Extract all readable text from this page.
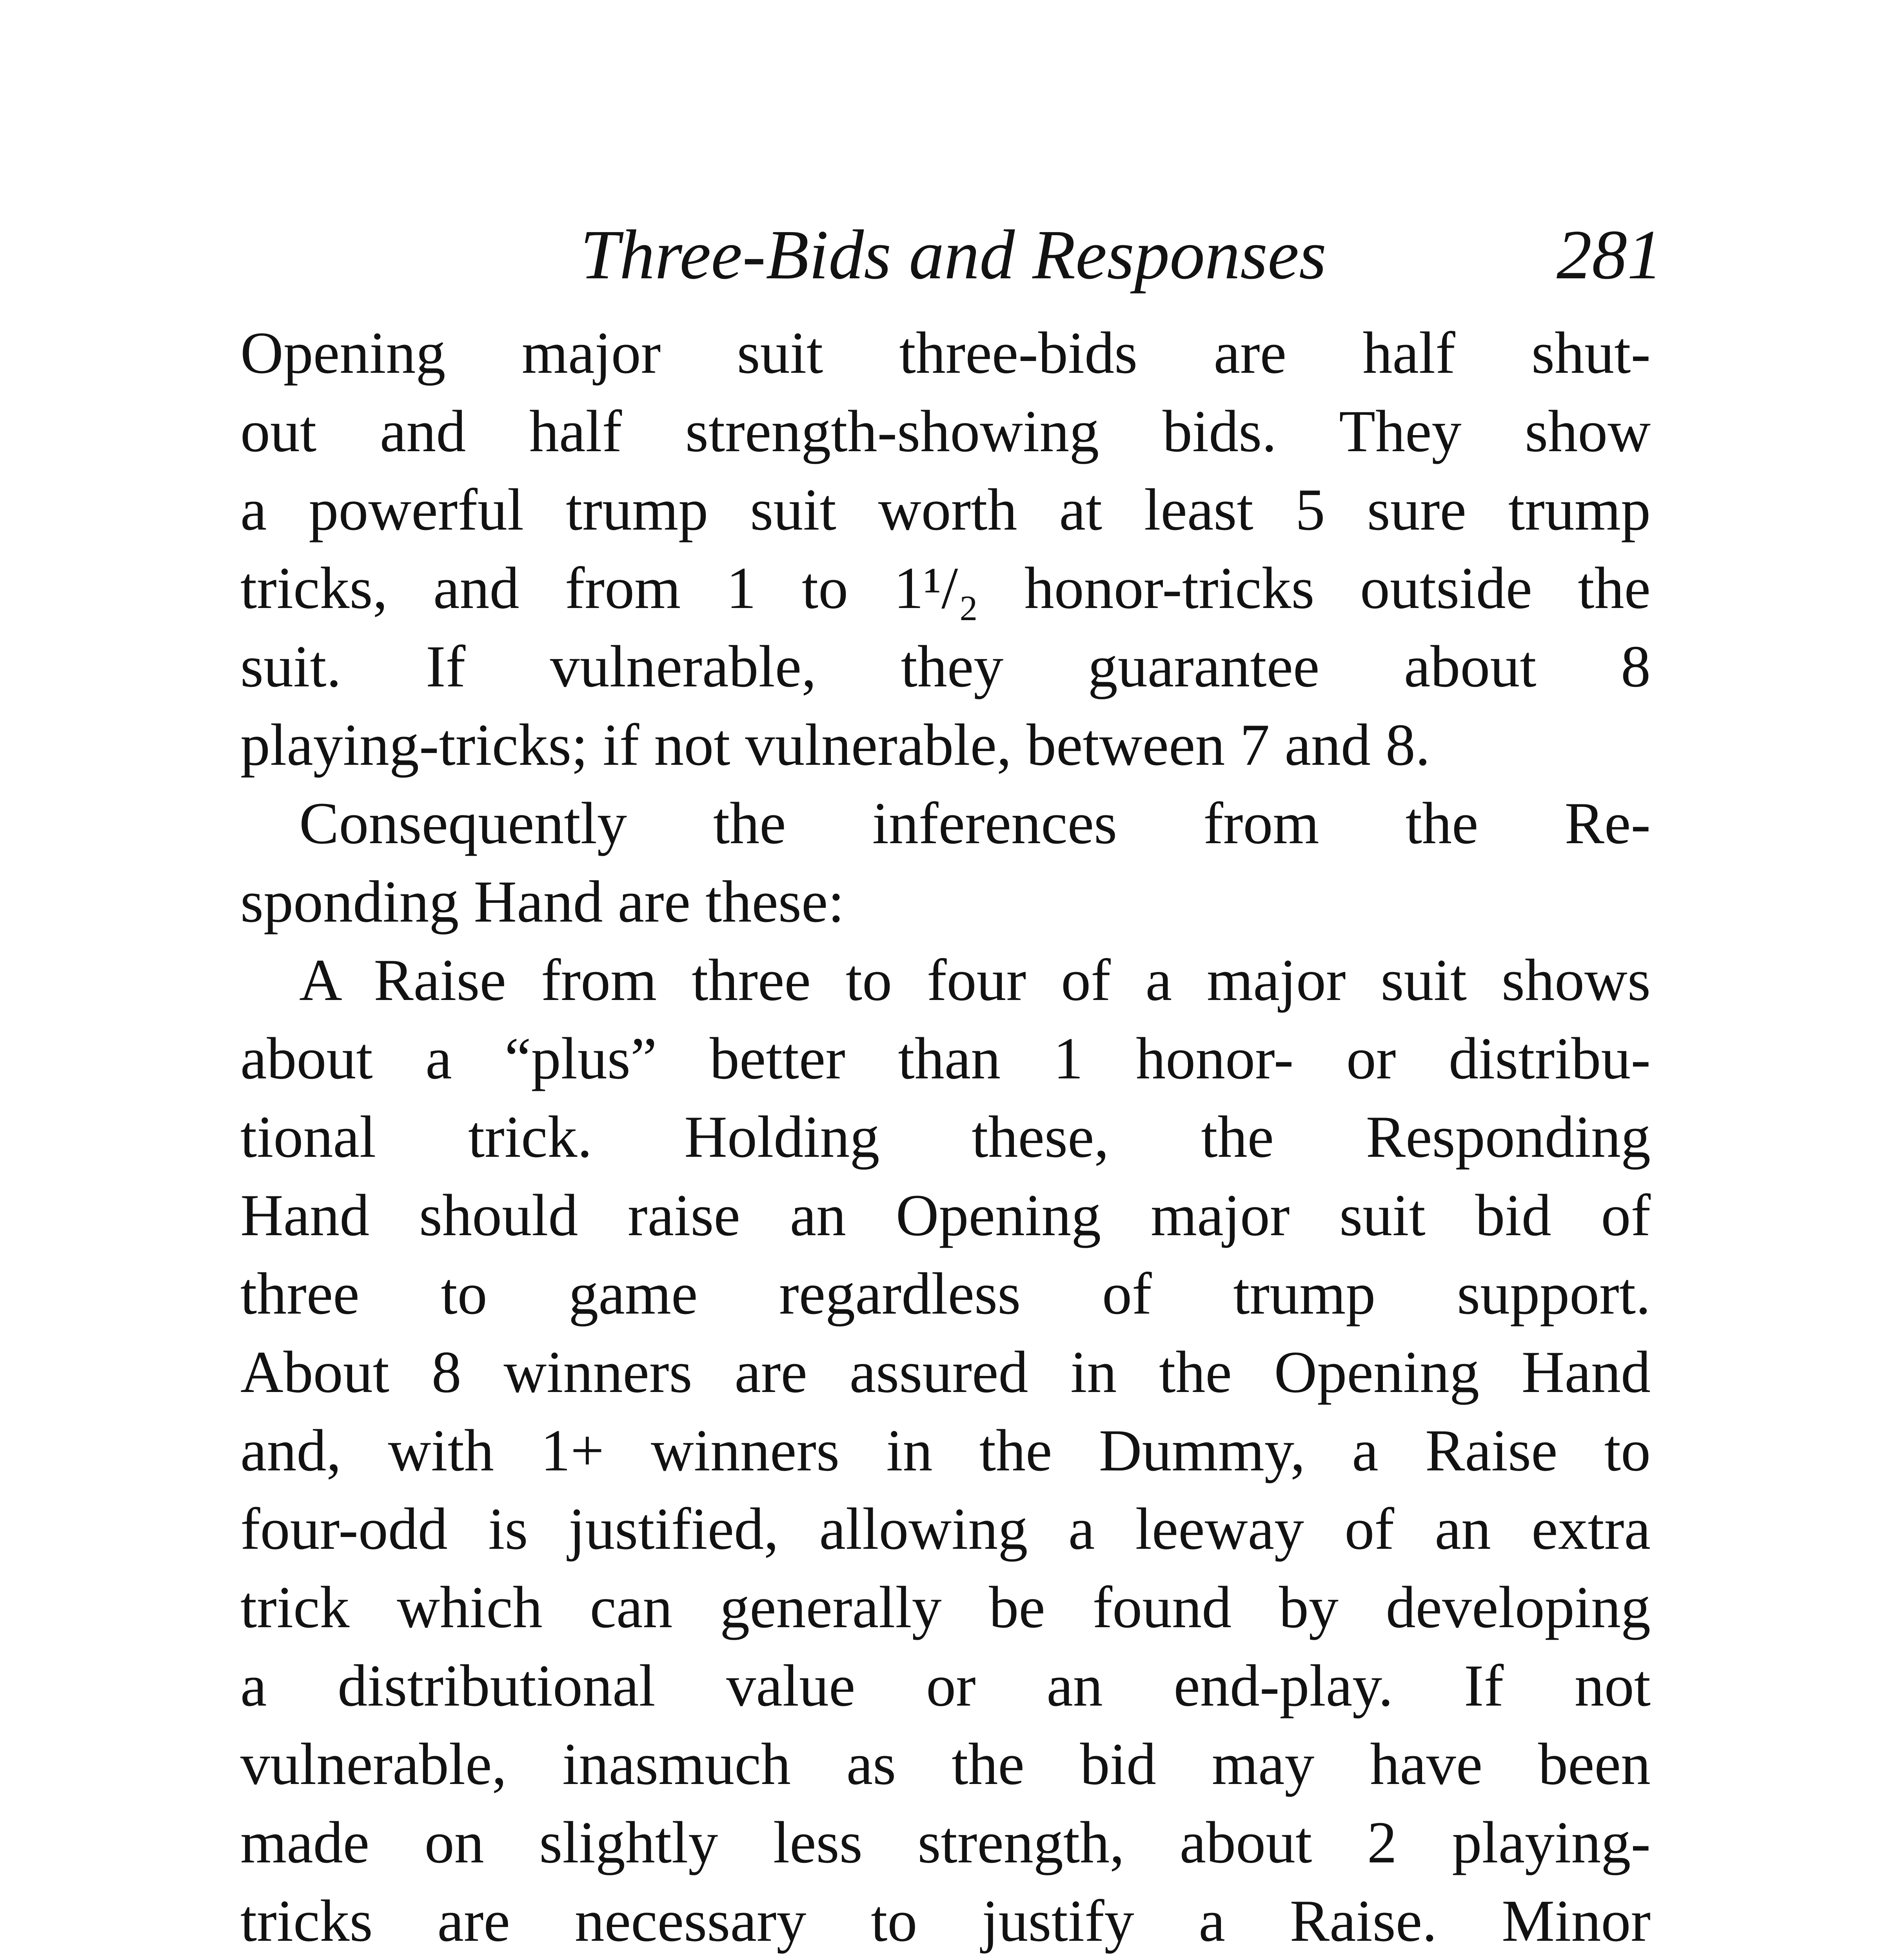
Three-Bids and Responses	281
Opening major suit three-bids are half shut-
out and half strength-showing bids. They show
a powerful trump suit worth at least 5 sure trump
tricks, and from 1 to 1¹/₂ honor-tricks outside the
suit. If vulnerable, they guarantee about 8
playing-tricks; if not vulnerable, between 7 and 8.
Consequently the inferences from the Re-
sponding Hand are these:
A Raise from three to four of a major suit shows
about a “plus” better than 1 honor- or distribu-
tional trick. Holding these, the Responding
Hand should raise an Opening major suit bid of
three to game regardless of trump support.
About 8 winners are assured in the Opening Hand
and, with 1+ winners in the Dummy, a Raise to
four-odd is justified, allowing a leeway of an extra
trick which can generally be found by developing
a distributional value or an end-play. If not
vulnerable, inasmuch as the bid may have been
made on slightly less strength, about 2 playing-
tricks are necessary to justify a Raise. Minor
